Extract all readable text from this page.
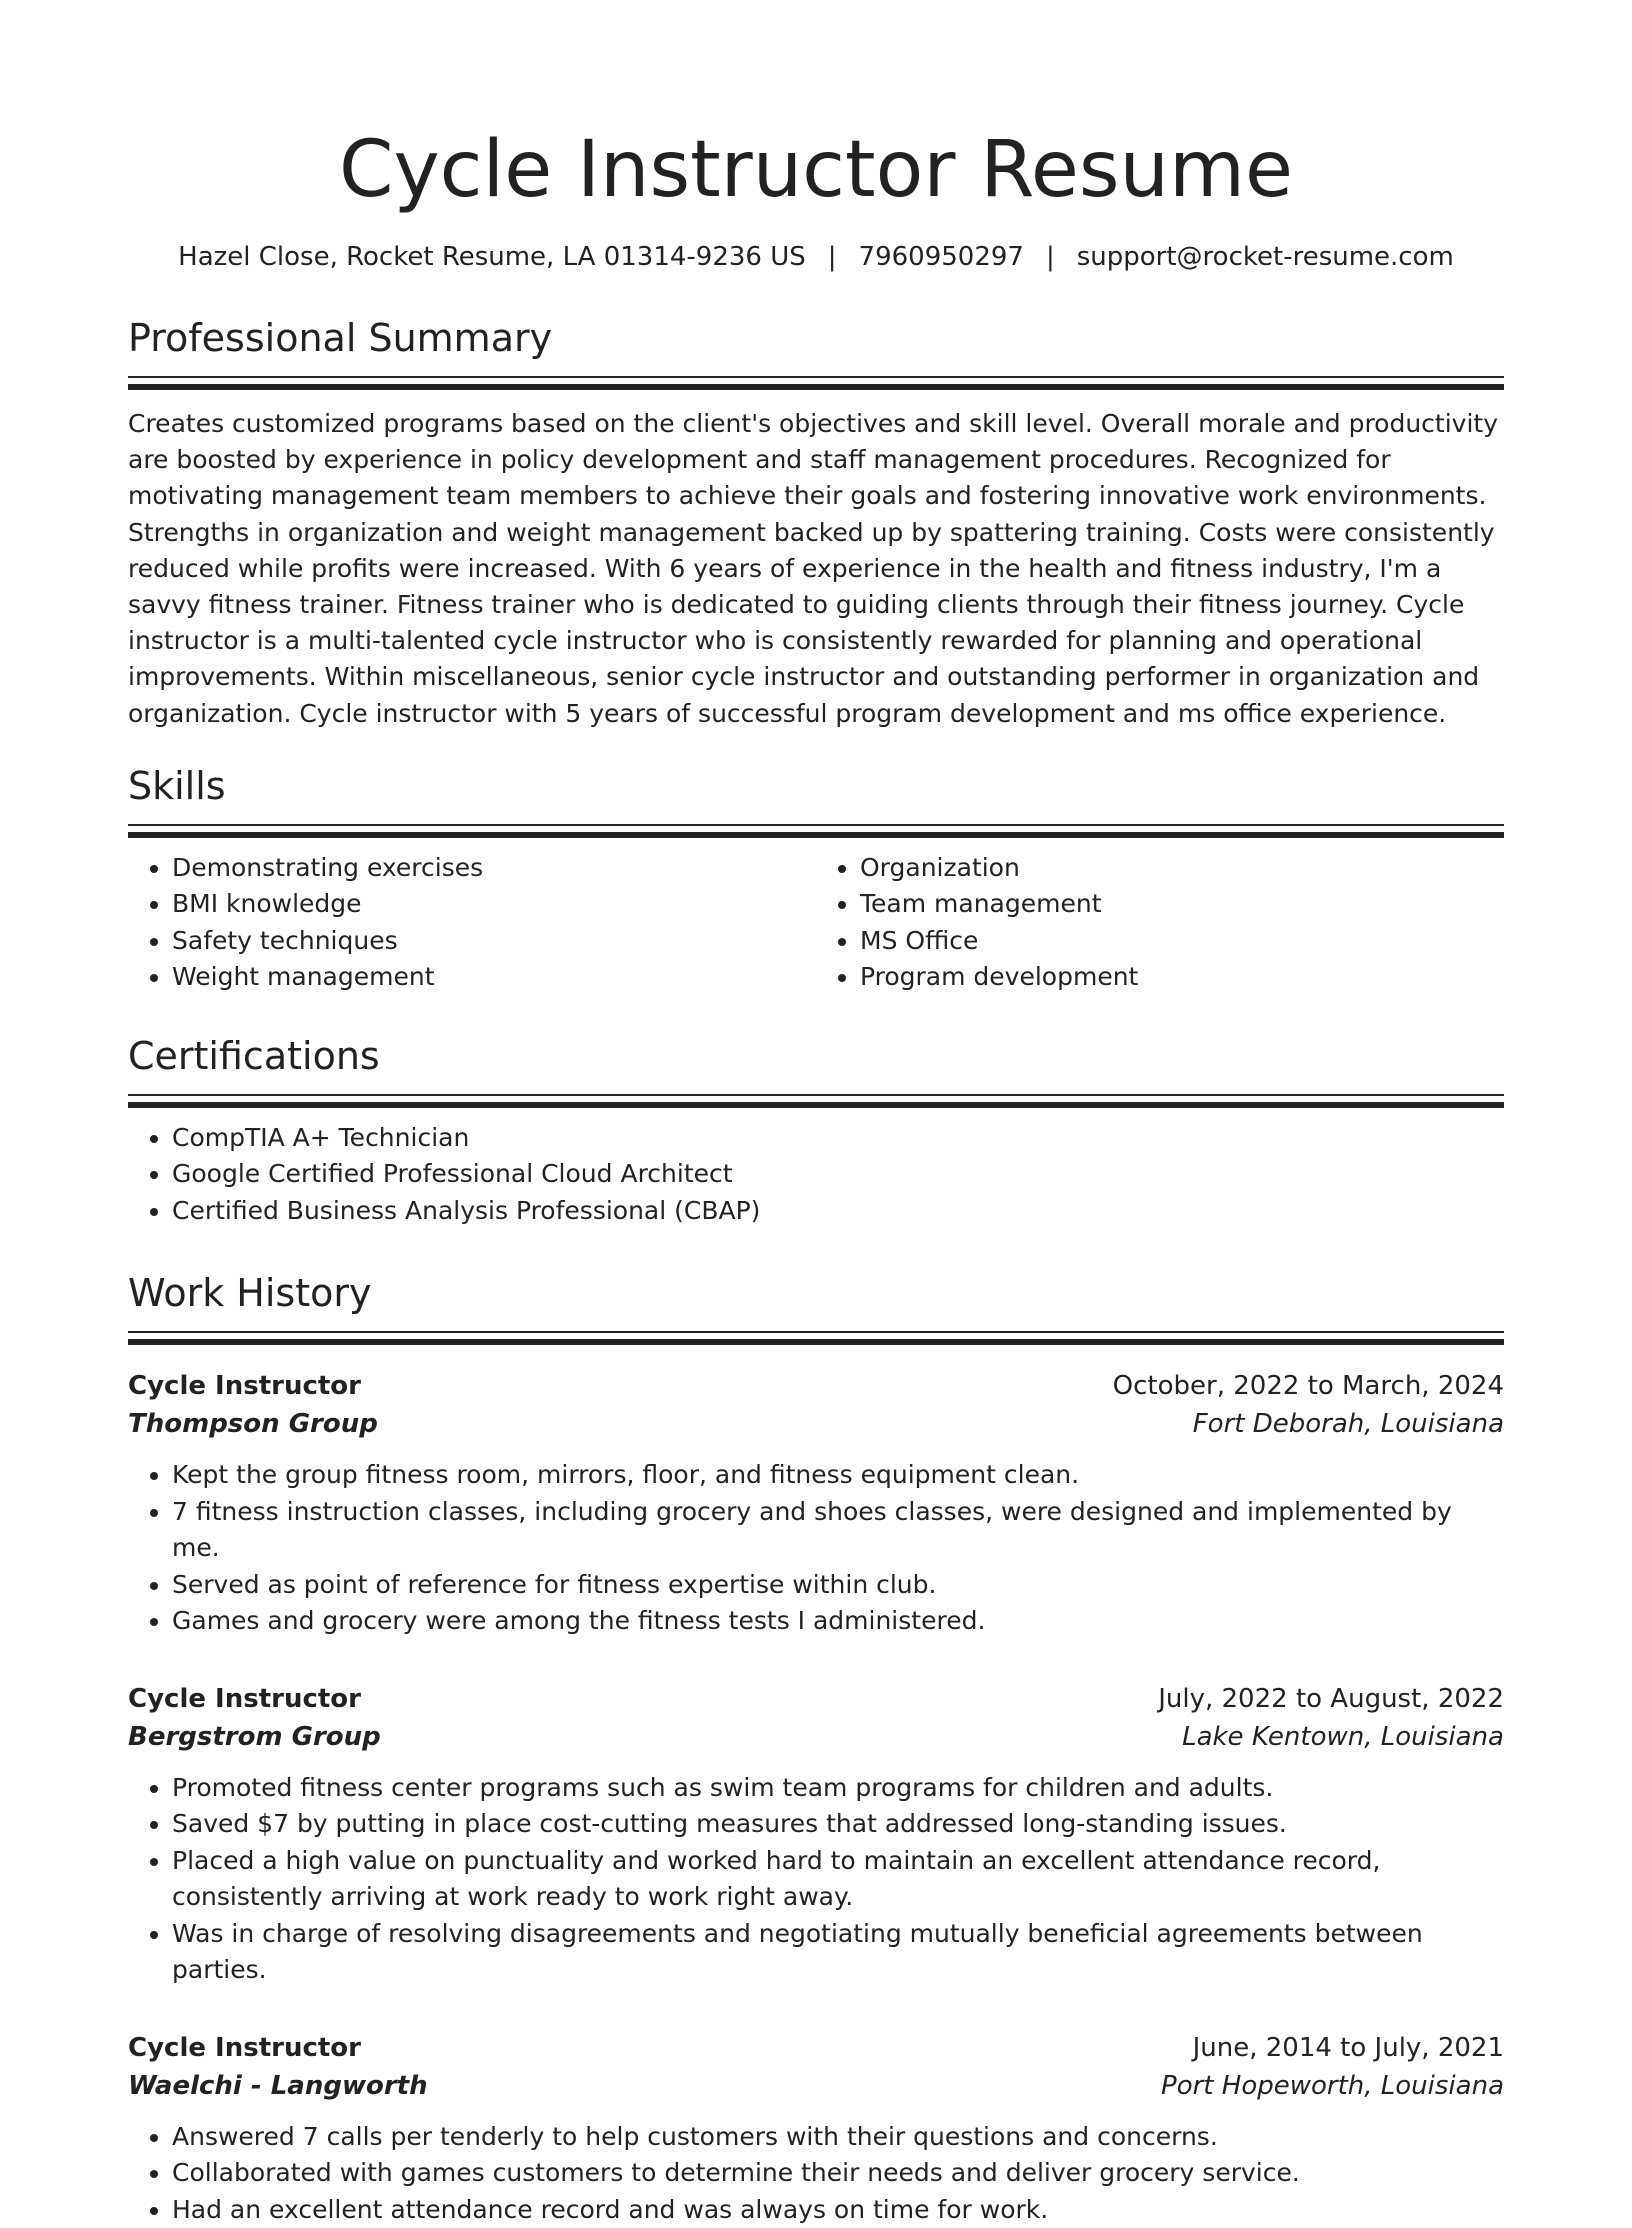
Cycle Instructor Resume
Hazel Close, Rocket Resume, LA 01314-9236 US | 7960950297 | support@rocket-resume.com
Professional Summary

Creates customized programs based on the client's objectives and skill level. Overall morale and productivity are boosted by experience in policy development and staff management procedures. Recognized for motivating management team members to achieve their goals and fostering innovative work environments. Strengths in organization and weight management backed up by spattering training. Costs were consistently reduced while profits were increased. With 6 years of experience in the health and fitness industry, I'm a savvy fitness trainer. Fitness trainer who is dedicated to guiding clients through their fitness journey. Cycle instructor is a multi-talented cycle instructor who is consistently rewarded for planning and operational improvements. Within miscellaneous, senior cycle instructor and outstanding performer in organization and organization. Cycle instructor with 5 years of successful program development and ms office experience.

Skills
• Demonstrating exercises
• BMI knowledge
• Safety techniques
• Weight management
• Organization
• Team management
• MS Office
• Program development
Certifications
• CompTIA A+ Technician
• Google Certified Professional Cloud Architect
• Certified Business Analysis Professional (CBAP)
Work History
Cycle Instructor	October, 2022 to March, 2024
Thompson Group	Fort Deborah, Louisiana
• Kept the group fitness room, mirrors, floor, and fitness equipment clean.
• 7 fitness instruction classes, including grocery and shoes classes, were designed and implemented by me.
• Served as point of reference for fitness expertise within club.
• Games and grocery were among the fitness tests I administered.
Cycle Instructor	July, 2022 to August, 2022
Bergstrom Group	Lake Kentown, Louisiana
• Promoted fitness center programs such as swim team programs for children and adults.
• Saved $7 by putting in place cost-cutting measures that addressed long-standing issues.
• Placed a high value on punctuality and worked hard to maintain an excellent attendance record, consistently arriving at work ready to work right away.
• Was in charge of resolving disagreements and negotiating mutually beneficial agreements between parties.
Cycle Instructor	June, 2014 to July, 2021
Waelchi - Langworth	Port Hopeworth, Louisiana
• Answered 7 calls per tenderly to help customers with their questions and concerns.
• Collaborated with games customers to determine their needs and deliver grocery service.
• Had an excellent attendance record and was always on time for work.
